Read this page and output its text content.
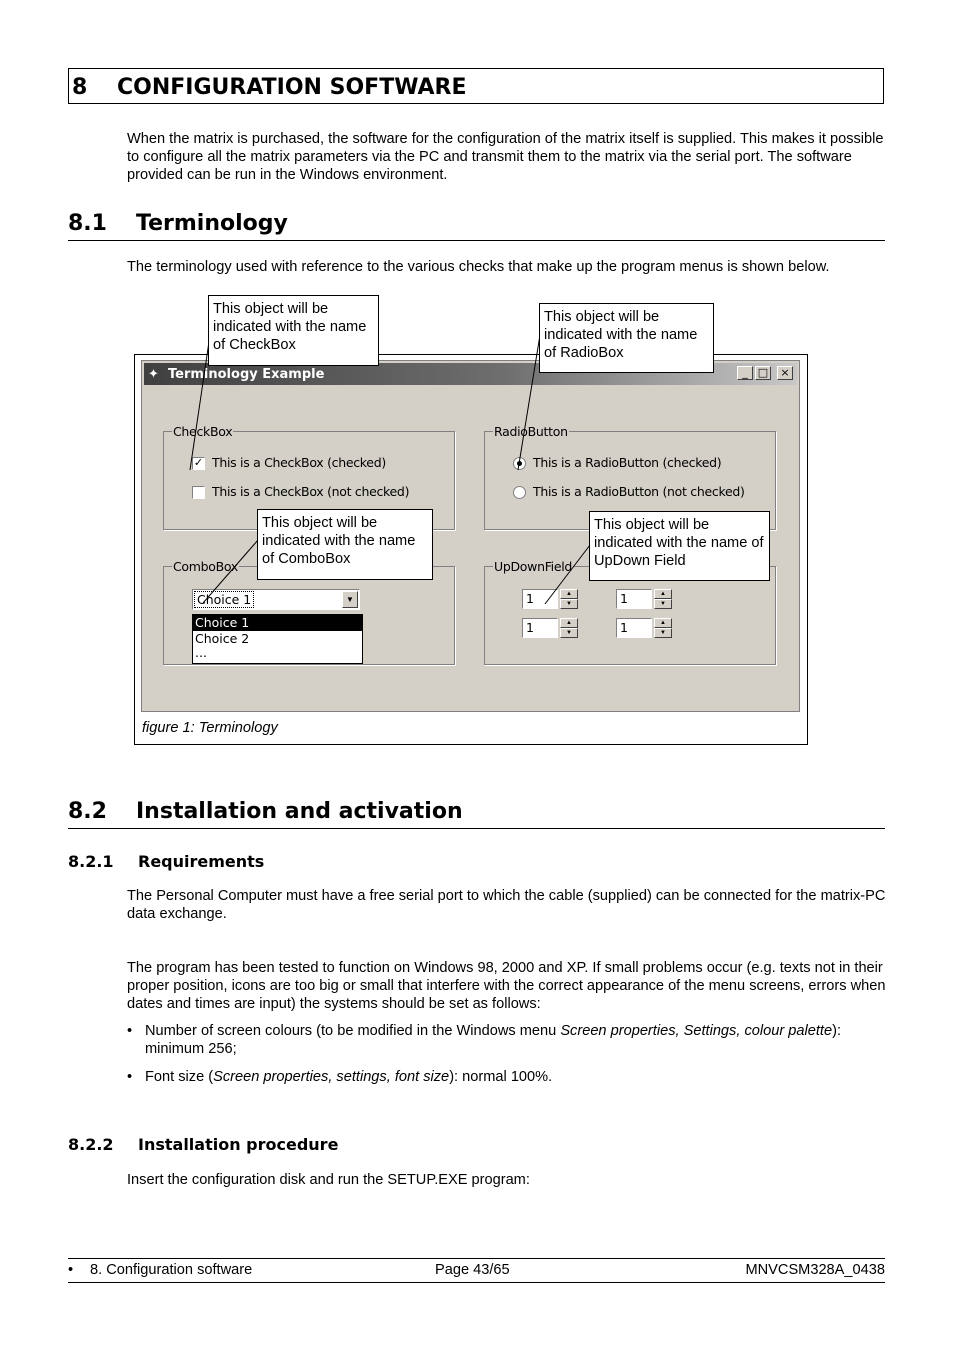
8 CONFIGURATION SOFTWARE
When the matrix is purchased, the software for the configuration of the matrix itself is supplied. This makes it possible to configure all the matrix parameters via the PC and transmit them to the matrix via the serial port. The software provided can be run in the Windows environment.
8.1 Terminology
The terminology used with reference to the various checks that make up the program menus is shown below.
✦ Terminology Example	_ □	×
CheckBox
✓ This is a CheckBox (checked)
This is a CheckBox (not checked)
RadioButton
This is a RadioButton (checked)
This is a RadioButton (not checked)
ComboBox
Choice 1	▼
Choice 1
Choice 2
...
UpDownField
1	▲
▼	1	▲
▼
1	▲
▼	1	▲
▼
This object will be indicated with the name of CheckBox
This object will be indicated with the name of RadioBox
This object will be indicated with the name of ComboBox
This object will be indicated with the name of UpDown Field
figure 1: Terminology
8.2 Installation and activation
8.2.1 Requirements
The Personal Computer must have a free serial port to which the cable (supplied) can be connected for the matrix-PC data exchange.
The program has been tested to function on Windows 98, 2000 and XP. If small problems occur (e.g. texts not in their proper position, icons are too big or small that interfere with the correct appearance of the menu screens, errors when dates and times are input) the systems should be set as follows:
• Number of screen colours (to be modified in the Windows menu Screen properties, Settings, colour palette): minimum 256;
• Font size (Screen properties, settings, font size): normal 100%.
8.2.2 Installation procedure
Insert the configuration disk and run the SETUP.EXE program:
• 8. Configuration software	Page 43/65	MNVCSM328A_0438
